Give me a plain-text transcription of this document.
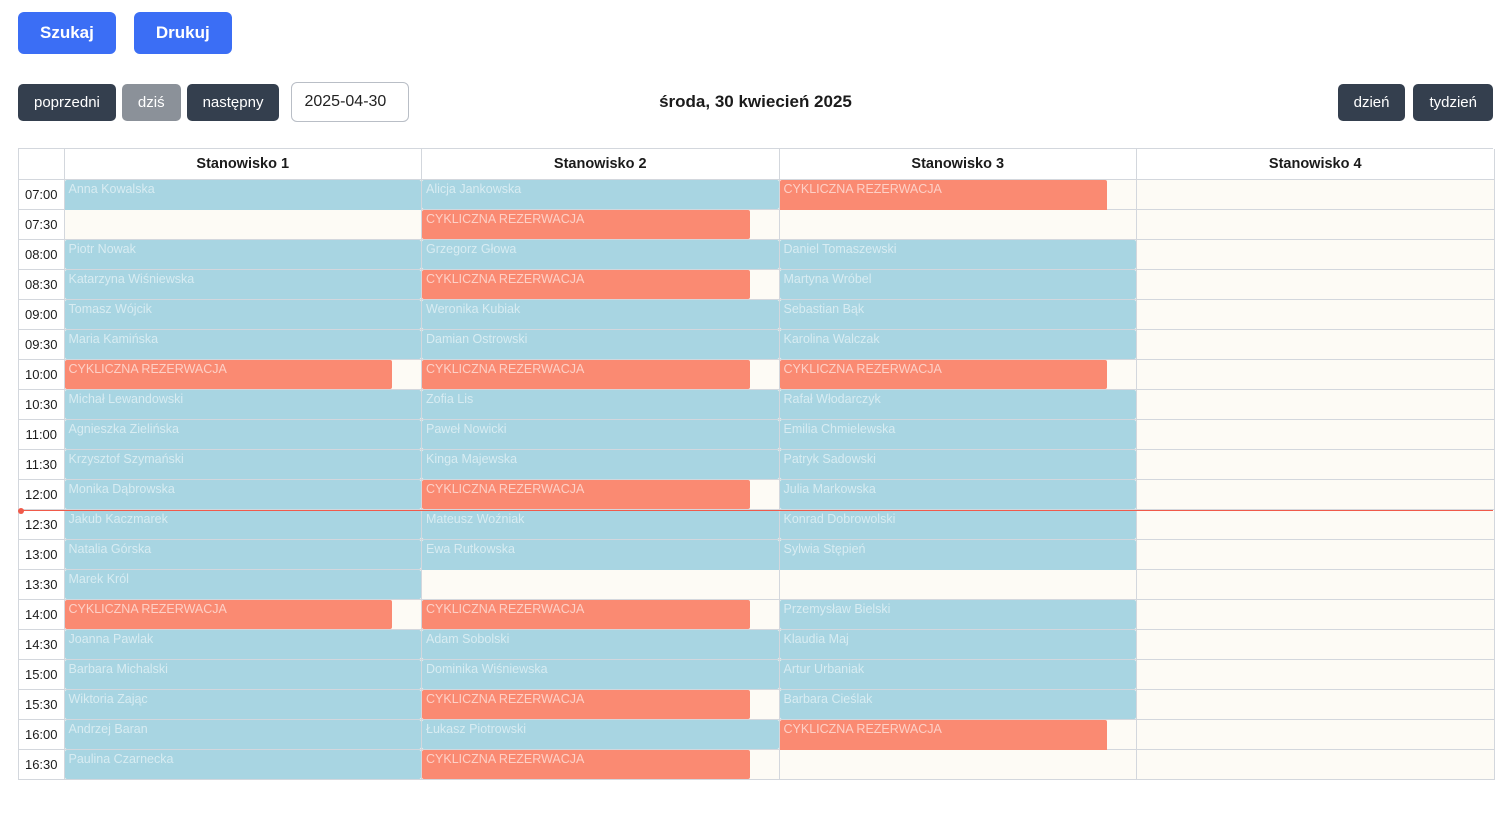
Szukaj	Drukuj
poprzedni	dziś	następny
2025-04-30	środa, 30 kwiecień 2025	dzień	tydzień
	Stanowisko 1	Stanowisko 2	Stanowisko 3	Stanowisko 4
07:00	Anna Kowalska	Alicja Jankowska	CYKLICZNA REZERWACJA	

07:30		CYKLICZNA REZERWACJA		

08:00	Piotr Nowak	Grzegorz Głowa	Daniel Tomaszewski	

08:30	Katarzyna Wiśniewska	CYKLICZNA REZERWACJA	Martyna Wróbel	

09:00	Tomasz Wójcik	Weronika Kubiak	Sebastian Bąk	

09:30	Maria Kamińska	Damian Ostrowski	Karolina Walczak	

10:00	CYKLICZNA REZERWACJA	CYKLICZNA REZERWACJA	CYKLICZNA REZERWACJA	

10:30	Michał Lewandowski	Zofia Lis	Rafał Włodarczyk	

11:00	Agnieszka Zielińska	Paweł Nowicki	Emilia Chmielewska	

11:30	Krzysztof Szymański	Kinga Majewska	Patryk Sadowski	

12:00	Monika Dąbrowska	CYKLICZNA REZERWACJA	Julia Markowska	

12:30	Jakub Kaczmarek	Mateusz Woźniak	Konrad Dobrowolski	

13:00	Natalia Górska	Ewa Rutkowska	Sylwia Stępień	

13:30	Marek Król			

14:00	CYKLICZNA REZERWACJA	CYKLICZNA REZERWACJA	Przemysław Bielski	

14:30	Joanna Pawlak	Adam Sobolski	Klaudia Maj	

15:00	Barbara Michalski	Dominika Wiśniewska	Artur Urbaniak	

15:30	Wiktoria Zając	CYKLICZNA REZERWACJA	Barbara Cieślak	

16:00	Andrzej Baran	Łukasz Piotrowski	CYKLICZNA REZERWACJA	

16:30	Paulina Czarnecka	CYKLICZNA REZERWACJA		
